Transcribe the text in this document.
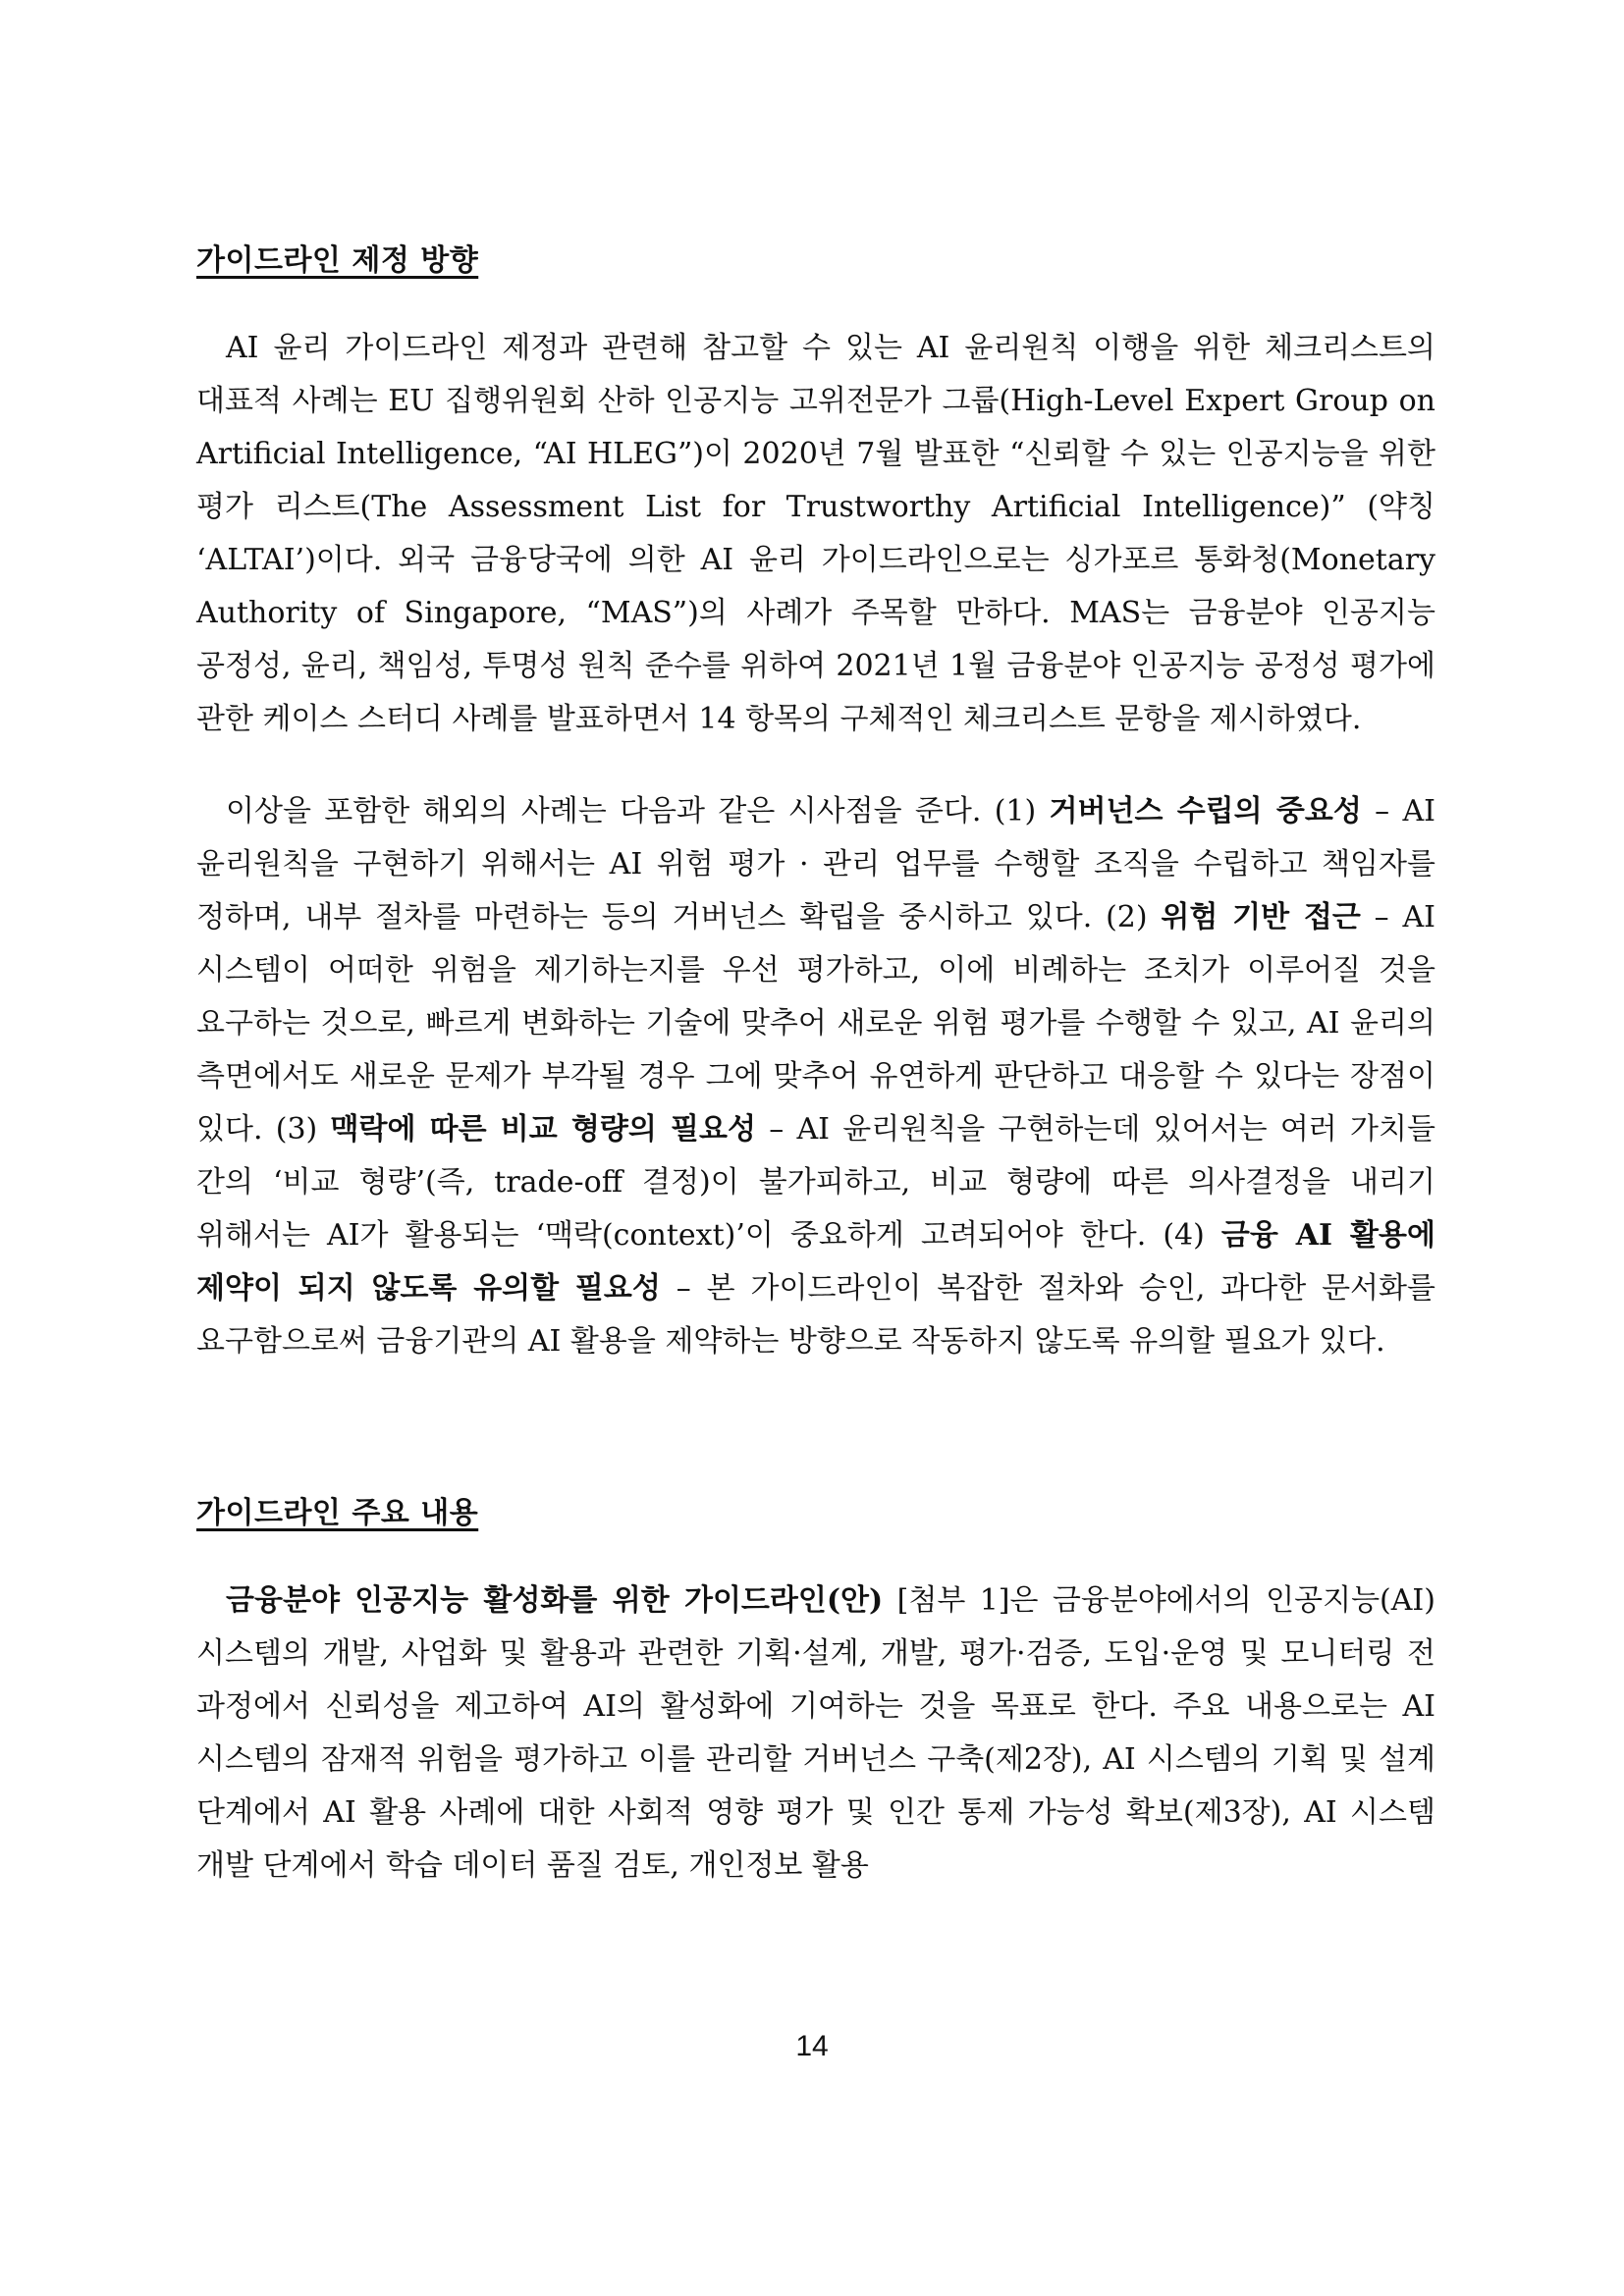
가이드라인 제정 방향

AI 윤리 가이드라인 제정과 관련해 참고할 수 있는 AI 윤리원칙 이행을 위한 체크리스트의 대표적 사례는 EU 집행위원회 산하 인공지능 고위전문가 그룹(High-Level Expert Group on Artificial Intelligence, “AI HLEG”)이 2020년 7월 발표한 “신뢰할 수 있는 인공지능을 위한 평가 리스트(The Assessment List for Trustworthy Artificial Intelligence)” (약칭 ‘ALTAI’)이다. 외국 금융당국에 의한 AI 윤리 가이드라인으로는 싱가포르 통화청(Monetary Authority of Singapore, “MAS”)의 사례가 주목할 만하다. MAS는 금융분야 인공지능 공정성, 윤리, 책임성, 투명성 원칙 준수를 위하여 2021년 1월 금융분야 인공지능 공정성 평가에 관한 케이스 스터디 사례를 발표하면서 14 항목의 구체적인 체크리스트 문항을 제시하였다.

이상을 포함한 해외의 사례는 다음과 같은 시사점을 준다. (1) 거버넌스 수립의 중요성 – AI 윤리원칙을 구현하기 위해서는 AI 위험 평가 · 관리 업무를 수행할 조직을 수립하고 책임자를 정하며, 내부 절차를 마련하는 등의 거버넌스 확립을 중시하고 있다. (2) 위험 기반 접근 – AI 시스템이 어떠한 위험을 제기하는지를 우선 평가하고, 이에 비례하는 조치가 이루어질 것을 요구하는 것으로, 빠르게 변화하는 기술에 맞추어 새로운 위험 평가를 수행할 수 있고, AI 윤리의 측면에서도 새로운 문제가 부각될 경우 그에 맞추어 유연하게 판단하고 대응할 수 있다는 장점이 있다. (3) 맥락에 따른 비교 형량의 필요성 – AI 윤리원칙을 구현하는데 있어서는 여러 가치들 간의 ‘비교 형량’(즉, trade-off 결정)이 불가피하고, 비교 형량에 따른 의사결정을 내리기 위해서는 AI가 활용되는 ‘맥락(context)’이 중요하게 고려되어야 한다. (4) 금융 AI 활용에 제약이 되지 않도록 유의할 필요성 – 본 가이드라인이 복잡한 절차와 승인, 과다한 문서화를 요구함으로써 금융기관의 AI 활용을 제약하는 방향으로 작동하지 않도록 유의할 필요가 있다.

가이드라인 주요 내용

금융분야 인공지능 활성화를 위한 가이드라인(안) [첨부 1]은 금융분야에서의 인공지능(AI) 시스템의 개발, 사업화 및 활용과 관련한 기획·설계, 개발, 평가·검증, 도입·운영 및 모니터링 전 과정에서 신뢰성을 제고하여 AI의 활성화에 기여하는 것을 목표로 한다. 주요 내용으로는 AI 시스템의 잠재적 위험을 평가하고 이를 관리할 거버넌스 구축(제2장), AI 시스템의 기획 및 설계 단계에서 AI 활용 사례에 대한 사회적 영향 평가 및 인간 통제 가능성 확보(제3장), AI 시스템 개발 단계에서 학습 데이터 품질 검토, 개인정보 활용

14
